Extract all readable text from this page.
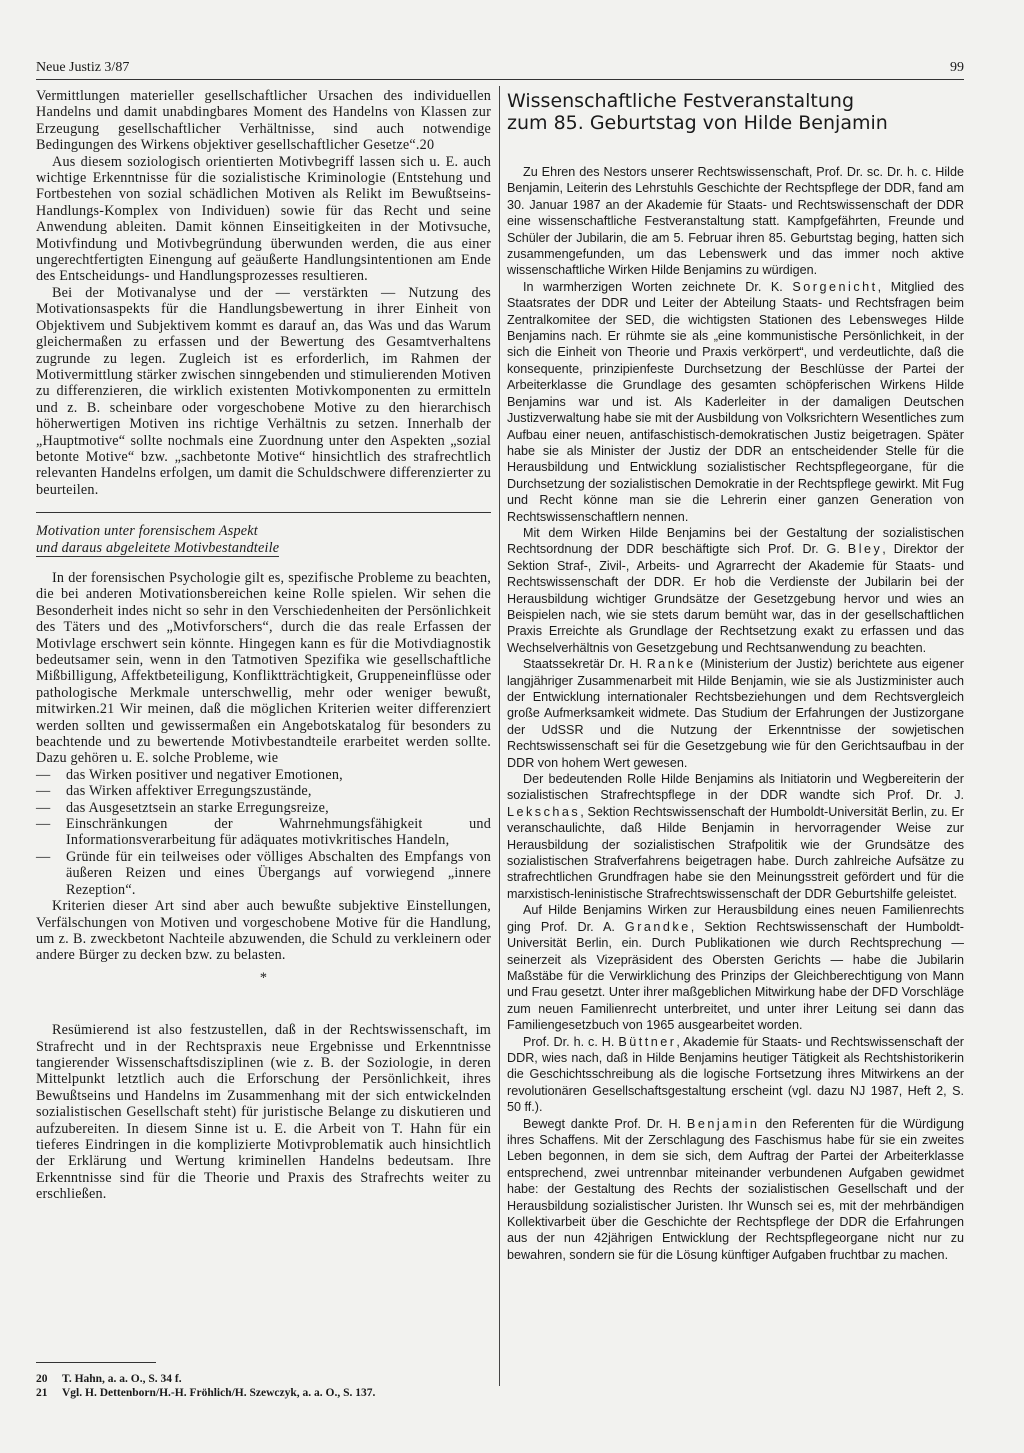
Neue Justiz 3/87	99

Vermittlungen materieller gesellschaftlicher Ursachen des individuellen Handelns und damit unabdingbares Moment des Handelns von Klassen zur Erzeugung gesellschaftlicher Verhältnisse, sind auch notwendige Bedingungen des Wirkens objektiver gesellschaftlicher Gesetze“.20

Aus diesem soziologisch orientierten Motivbegriff lassen sich u. E. auch wichtige Erkenntnisse für die sozialistische Kriminologie (Entstehung und Fortbestehen von sozial schädlichen Motiven als Relikt im Bewußtseins-Handlungs-Komplex von Individuen) sowie für das Recht und seine Anwendung ableiten. Damit können Einseitigkeiten in der Motivsuche, Motivfindung und Motivbegründung überwunden werden, die aus einer ungerechtfertigten Einengung auf geäußerte Handlungsintentionen am Ende des Entscheidungs- und Handlungsprozesses resultieren.

Bei der Motivanalyse und der — verstärkten — Nutzung des Motivationsaspekts für die Handlungsbewertung in ihrer Einheit von Objektivem und Subjektivem kommt es darauf an, das Was und das Warum gleichermaßen zu erfassen und der Bewertung des Gesamtverhaltens zugrunde zu legen. Zugleich ist es erforderlich, im Rahmen der Motivermittlung stärker zwischen sinngebenden und stimulierenden Motiven zu differenzieren, die wirklich existenten Motivkomponenten zu ermitteln und z. B. scheinbare oder vorgeschobene Motive zu den hierarchisch höherwertigen Motiven ins richtige Verhältnis zu setzen. Innerhalb der „Hauptmotive“ sollte nochmals eine Zuordnung unter den Aspekten „sozial betonte Motive“ bzw. „sachbetonte Motive“ hinsichtlich des strafrechtlich relevanten Handelns erfolgen, um damit die Schuldschwere differenzierter zu beurteilen.

Motivation unter forensischem Aspekt
und daraus abgeleitete Motivbestandteile

In der forensischen Psychologie gilt es, spezifische Probleme zu beachten, die bei anderen Motivationsbereichen keine Rolle spielen. Wir sehen die Besonderheit indes nicht so sehr in den Verschiedenheiten der Persönlichkeit des Täters und des „Motivforschers“, durch die das reale Erfassen der Motivlage erschwert sein könnte. Hingegen kann es für die Motivdiagnostik bedeutsamer sein, wenn in den Tatmotiven Spezifika wie gesellschaftliche Mißbilligung, Affektbeteiligung, Konfliktträchtigkeit, Gruppeneinflüsse oder pathologische Merkmale unterschwellig, mehr oder weniger bewußt, mitwirken.21 Wir meinen, daß die möglichen Kriterien weiter differenziert werden sollten und gewissermaßen ein Angebotskatalog für besonders zu beachtende und zu bewertende Motivbestandteile erarbeitet werden sollte. Dazu gehören u. E. solche Probleme, wie

— das Wirken positiver und negativer Emotionen,
— das Wirken affektiver Erregungszustände,
— das Ausgesetztsein an starke Erregungsreize,
— Einschränkungen der Wahrnehmungsfähigkeit und Informationsverarbeitung für adäquates motivkritisches Handeln,
— Gründe für ein teilweises oder völliges Abschalten des Empfangs von äußeren Reizen und eines Übergangs auf vorwiegend „innere Rezeption“.

Kriterien dieser Art sind aber auch bewußte subjektive Einstellungen, Verfälschungen von Motiven und vorgeschobene Motive für die Handlung, um z. B. zweckbetont Nachteile abzuwenden, die Schuld zu verkleinern oder andere Bürger zu decken bzw. zu belasten.

*

Resümierend ist also festzustellen, daß in der Rechtswissenschaft, im Strafrecht und in der Rechtspraxis neue Ergebnisse und Erkenntnisse tangierender Wissenschaftsdisziplinen (wie z. B. der Soziologie, in deren Mittelpunkt letztlich auch die Erforschung der Persönlichkeit, ihres Bewußtseins und Handelns im Zusammenhang mit der sich entwickelnden sozialistischen Gesellschaft steht) für juristische Belange zu diskutieren und aufzubereiten. In diesem Sinne ist u. E. die Arbeit von T. Hahn für ein tieferes Eindringen in die komplizierte Motivproblematik auch hinsichtlich der Erklärung und Wertung kriminellen Handelns bedeutsam. Ihre Erkenntnisse sind für die Theorie und Praxis des Strafrechts weiter zu erschließen.

20 T. Hahn, a. a. O., S. 34 f.
21 Vgl. H. Dettenborn/H.-H. Fröhlich/H. Szewczyk, a. a. O., S. 137.
Wissenschaftliche Festveranstaltung
zum 85. Geburtstag von Hilde Benjamin

Zu Ehren des Nestors unserer Rechtswissenschaft, Prof. Dr. sc. Dr. h. c. Hilde Benjamin, Leiterin des Lehrstuhls Geschichte der Rechtspflege der DDR, fand am 30. Januar 1987 an der Akademie für Staats- und Rechtswissenschaft der DDR eine wissenschaftliche Festveranstaltung statt. Kampfgefährten, Freunde und Schüler der Jubilarin, die am 5. Februar ihren 85. Geburtstag beging, hatten sich zusammengefunden, um das Lebenswerk und das immer noch aktive wissenschaftliche Wirken Hilde Benjamins zu würdigen.

In warmherzigen Worten zeichnete Dr. K. Sorgenicht, Mitglied des Staatsrates der DDR und Leiter der Abteilung Staats- und Rechtsfragen beim Zentralkomitee der SED, die wichtigsten Stationen des Lebensweges Hilde Benjamins nach. Er rühmte sie als „eine kommunistische Persönlichkeit, in der sich die Einheit von Theorie und Praxis verkörpert“, und verdeutlichte, daß die konsequente, prinzipienfeste Durchsetzung der Beschlüsse der Partei der Arbeiterklasse die Grundlage des gesamten schöpferischen Wirkens Hilde Benjamins war und ist. Als Kaderleiter in der damaligen Deutschen Justizverwaltung habe sie mit der Ausbildung von Volksrichtern Wesentliches zum Aufbau einer neuen, antifaschistisch-demokratischen Justiz beigetragen. Später habe sie als Minister der Justiz der DDR an entscheidender Stelle für die Herausbildung und Entwicklung sozialistischer Rechtspflegeorgane, für die Durchsetzung der sozialistischen Demokratie in der Rechtspflege gewirkt. Mit Fug und Recht könne man sie die Lehrerin einer ganzen Generation von Rechtswissenschaftlern nennen.

Mit dem Wirken Hilde Benjamins bei der Gestaltung der sozialistischen Rechtsordnung der DDR beschäftigte sich Prof. Dr. G. Bley, Direktor der Sektion Straf-, Zivil-, Arbeits- und Agrarrecht der Akademie für Staats- und Rechtswissenschaft der DDR. Er hob die Verdienste der Jubilarin bei der Herausbildung wichtiger Grundsätze der Gesetzgebung hervor und wies an Beispielen nach, wie sie stets darum bemüht war, das in der gesellschaftlichen Praxis Erreichte als Grundlage der Rechtsetzung exakt zu erfassen und das Wechselverhältnis von Gesetzgebung und Rechtsanwendung zu beachten.

Staatssekretär Dr. H. Ranke (Ministerium der Justiz) berichtete aus eigener langjähriger Zusammenarbeit mit Hilde Benjamin, wie sie als Justizminister auch der Entwicklung internationaler Rechtsbeziehungen und dem Rechtsvergleich große Aufmerksamkeit widmete. Das Studium der Erfahrungen der Justizorgane der UdSSR und die Nutzung der Erkenntnisse der sowjetischen Rechtswissenschaft sei für die Gesetzgebung wie für den Gerichtsaufbau in der DDR von hohem Wert gewesen.

Der bedeutenden Rolle Hilde Benjamins als Initiatorin und Wegbereiterin der sozialistischen Strafrechtspflege in der DDR wandte sich Prof. Dr. J. Lekschas, Sektion Rechtswissenschaft der Humboldt-Universität Berlin, zu. Er veranschaulichte, daß Hilde Benjamin in hervorragender Weise zur Herausbildung der sozialistischen Strafpolitik wie der Grundsätze des sozialistischen Strafverfahrens beigetragen habe. Durch zahlreiche Aufsätze zu strafrechtlichen Grundfragen habe sie den Meinungsstreit gefördert und für die marxistisch-leninistische Strafrechtswissenschaft der DDR Geburtshilfe geleistet.

Auf Hilde Benjamins Wirken zur Herausbildung eines neuen Familienrechts ging Prof. Dr. A. Grandke, Sektion Rechtswissenschaft der Humboldt-Universität Berlin, ein. Durch Publikationen wie durch Rechtsprechung — seinerzeit als Vizepräsident des Obersten Gerichts — habe die Jubilarin Maßstäbe für die Verwirklichung des Prinzips der Gleichberechtigung von Mann und Frau gesetzt. Unter ihrer maßgeblichen Mitwirkung habe der DFD Vorschläge zum neuen Familienrecht unterbreitet, und unter ihrer Leitung sei dann das Familiengesetzbuch von 1965 ausgearbeitet worden.

Prof. Dr. h. c. H. Büttner, Akademie für Staats- und Rechtswissenschaft der DDR, wies nach, daß in Hilde Benjamins heutiger Tätigkeit als Rechtshistorikerin die Geschichtsschreibung als die logische Fortsetzung ihres Mitwirkens an der revolutionären Gesellschaftsgestaltung erscheint (vgl. dazu NJ 1987, Heft 2, S. 50 ff.).

Bewegt dankte Prof. Dr. H. Benjamin den Referenten für die Würdigung ihres Schaffens. Mit der Zerschlagung des Faschismus habe für sie ein zweites Leben begonnen, in dem sie sich, dem Auftrag der Partei der Arbeiterklasse entsprechend, zwei untrennbar miteinander verbundenen Aufgaben gewidmet habe: der Gestaltung des Rechts der sozialistischen Gesellschaft und der Herausbildung sozialistischer Juristen. Ihr Wunsch sei es, mit der mehrbändigen Kollektivarbeit über die Geschichte der Rechtspflege der DDR die Erfahrungen aus der nun 42jährigen Entwicklung der Rechtspflegeorgane nicht nur zu bewahren, sondern sie für die Lösung künftiger Aufgaben fruchtbar zu machen.
